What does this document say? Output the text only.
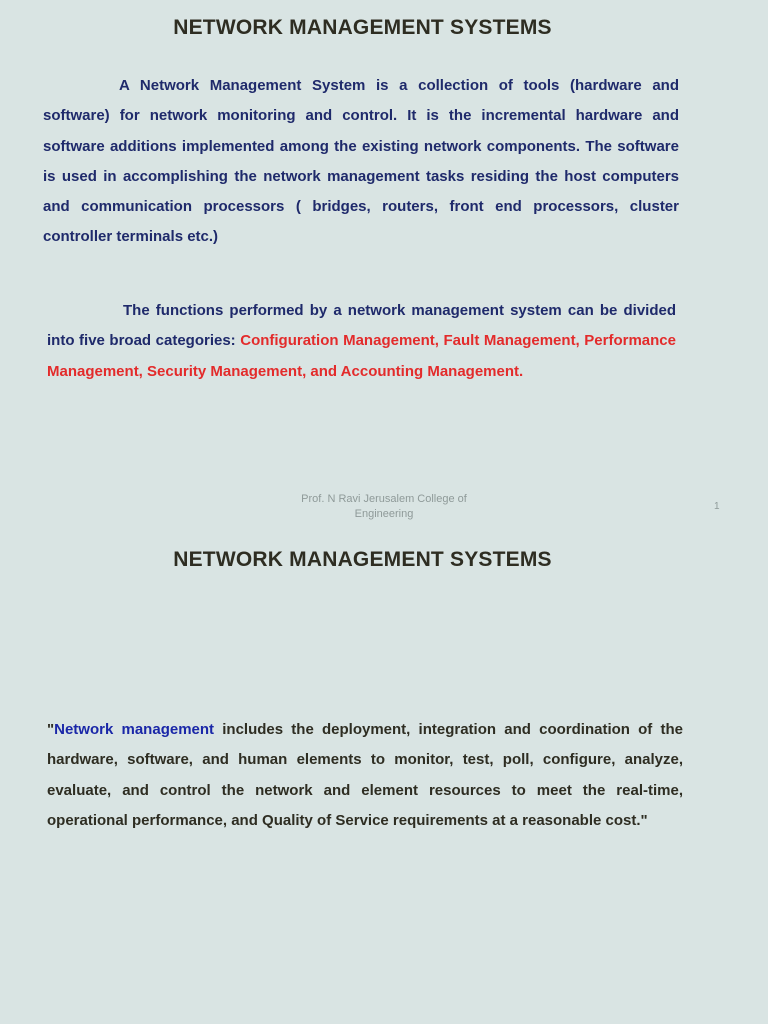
NETWORK MANAGEMENT SYSTEMS
A Network Management System is a collection of tools (hardware and software) for network monitoring and control. It is the incremental hardware and software additions implemented among the existing network components. The software is used in accomplishing the network management tasks residing the host computers and communication processors ( bridges, routers, front end processors, cluster controller terminals etc.)
The functions performed by a network management system can be divided into five broad categories: Configuration Management, Fault Management, Performance Management, Security Management, and Accounting Management.
Prof. N Ravi Jerusalem College of
Engineering
1
NETWORK MANAGEMENT SYSTEMS
"Network management includes the deployment, integration and coordination of the hardware, software, and human elements to monitor, test, poll, configure, analyze, evaluate, and control the network and element resources to meet the real-time, operational performance, and Quality of Service requirements at a reasonable cost."
